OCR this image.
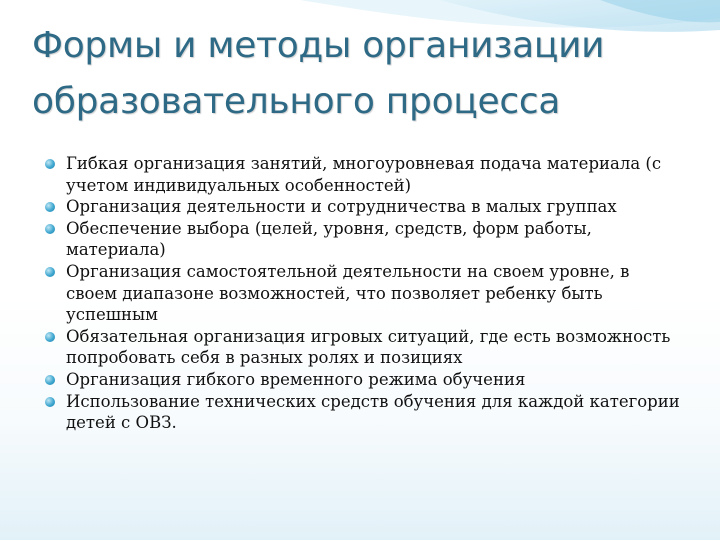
Формы и методы организации
образовательного процесса
Гибкая организация занятий, многоуровневая подача материала (с учетом индивидуальных особенностей)
Организация деятельности и сотрудничества в малых группах
Обеспечение выбора (целей, уровня, средств, форм работы, материала)
Организация самостоятельной деятельности на своем уровне, в своем диапазоне возможностей, что позволяет ребенку быть успешным
Обязательная организация игровых ситуаций, где есть возможность попробовать себя в разных ролях и позициях
Организация гибкого временного режима обучения
Использование технических средств обучения для каждой категории детей с ОВЗ.
